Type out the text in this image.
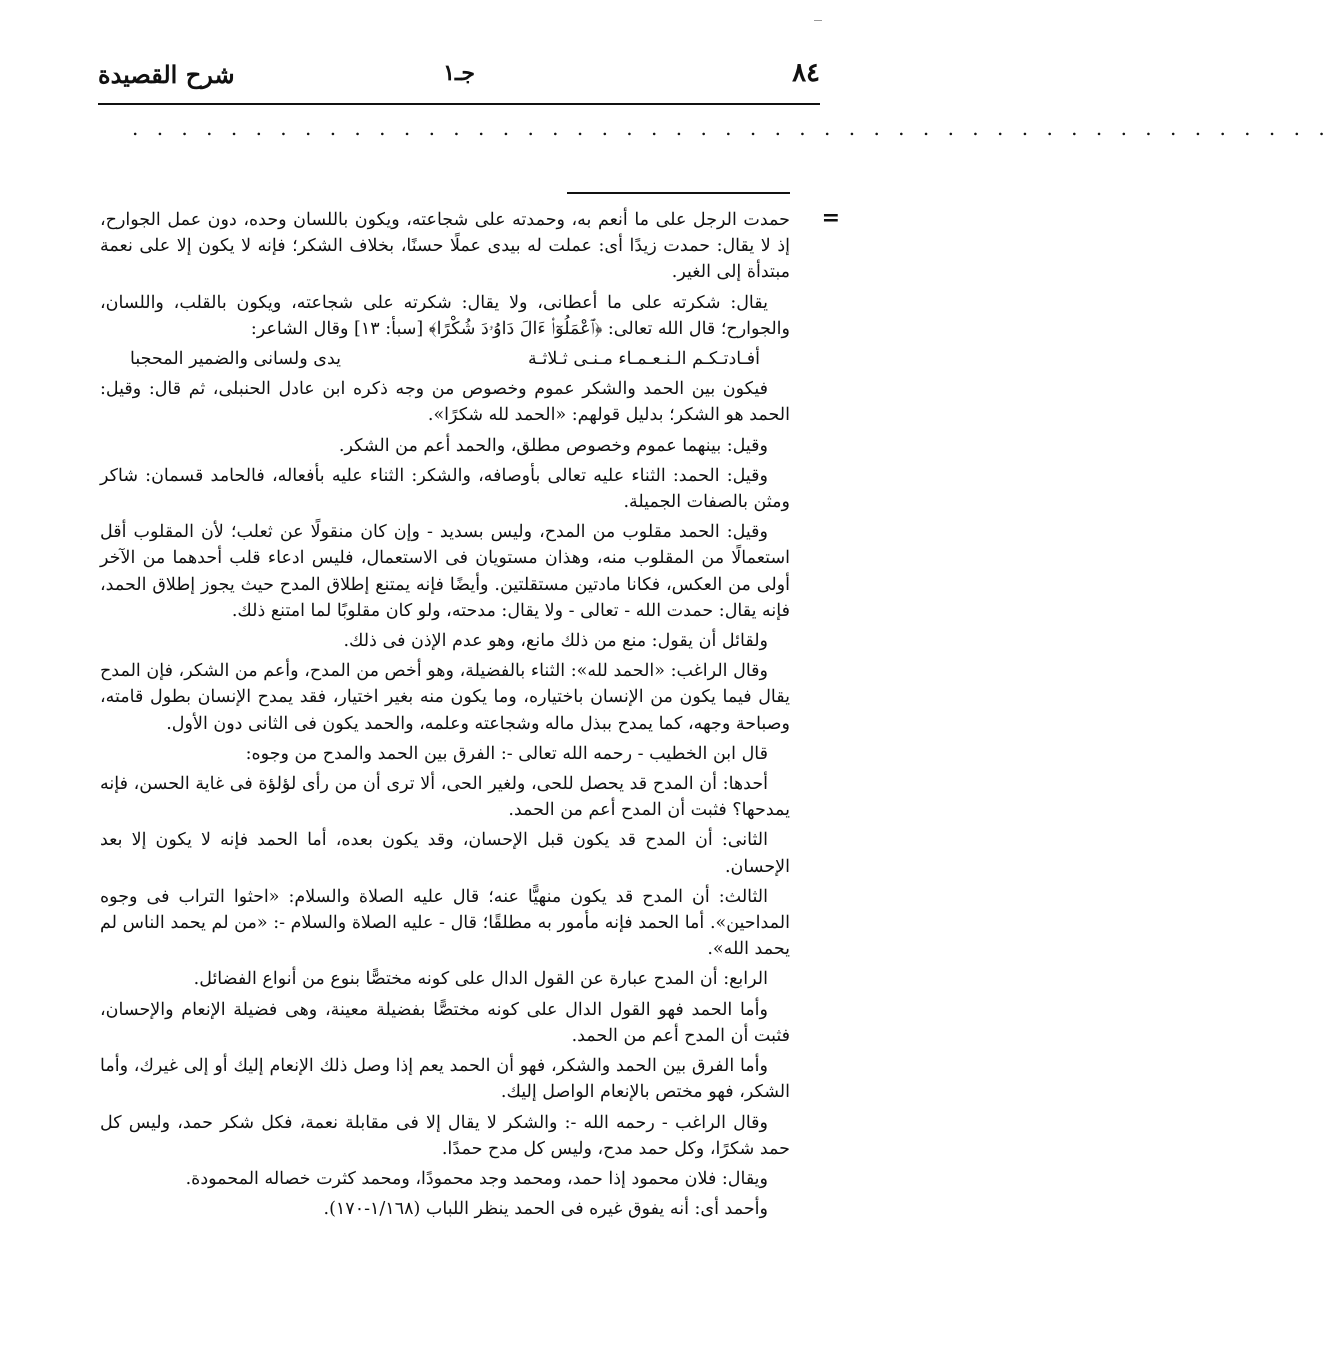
٨٤
جـ١
شرح القصيدة
. . . . . . . . . . . . . . . . . . . . . . . . . . . . . . . . . . . . . . . . . . . . . . . . .
=

حمدت الرجل على ما أنعم به، وحمدته على شجاعته، ويكون باللسان وحده، دون عمل الجوارح، إذ لا يقال: حمدت زيدًا أى: عملت له بيدى عملًا حسنًا، بخلاف الشكر؛ فإنه لا يكون إلا على نعمة مبتدأة إلى الغير.

يقال: شكرته على ما أعطانى، ولا يقال: شكرته على شجاعته، ويكون بالقلب، واللسان، والجوارح؛ قال الله تعالى: ﴿ٱعْمَلُوٓا۟ ءَالَ دَاوُۥدَ شُكْرًا﴾ [سبأ: ١٣] وقال الشاعر:

أفـادتـكـم الـنـعـمـاء مـنـى ثـلاثـة
يدى ولسانى والضمير المحجبا

فيكون بين الحمد والشكر عموم وخصوص من وجه ذكره ابن عادل الحنبلى، ثم قال: وقيل: الحمد هو الشكر؛ بدليل قولهم: «الحمد لله شكرًا».

وقيل: بينهما عموم وخصوص مطلق، والحمد أعم من الشكر.

وقيل: الحمد: الثناء عليه تعالى بأوصافه، والشكر: الثناء عليه بأفعاله، فالحامد قسمان: شاكر ومثن بالصفات الجميلة.

وقيل: الحمد مقلوب من المدح، وليس بسديد - وإن كان منقولًا عن ثعلب؛ لأن المقلوب أقل استعمالًا من المقلوب منه، وهذان مستويان فى الاستعمال، فليس ادعاء قلب أحدهما من الآخر أولى من العكس، فكانا مادتين مستقلتين. وأيضًا فإنه يمتنع إطلاق المدح حيث يجوز إطلاق الحمد، فإنه يقال: حمدت الله - تعالى - ولا يقال: مدحته، ولو كان مقلوبًا لما امتنع ذلك.

ولقائل أن يقول: منع من ذلك مانع، وهو عدم الإذن فى ذلك.

وقال الراغب: «الحمد لله»: الثناء بالفضيلة، وهو أخص من المدح، وأعم من الشكر، فإن المدح يقال فيما يكون من الإنسان باختياره، وما يكون منه بغير اختيار، فقد يمدح الإنسان بطول قامته، وصباحة وجهه، كما يمدح ببذل ماله وشجاعته وعلمه، والحمد يكون فى الثانى دون الأول.

قال ابن الخطيب - رحمه الله تعالى -: الفرق بين الحمد والمدح من وجوه:

أحدها: أن المدح قد يحصل للحى، ولغير الحى، ألا ترى أن من رأى لؤلؤة فى غاية الحسن، فإنه يمدحها؟ فثبت أن المدح أعم من الحمد.

الثانى: أن المدح قد يكون قبل الإحسان، وقد يكون بعده، أما الحمد فإنه لا يكون إلا بعد الإحسان.

الثالث: أن المدح قد يكون منهيًّا عنه؛ قال عليه الصلاة والسلام: «احثوا التراب فى وجوه المداحين». أما الحمد فإنه مأمور به مطلقًا؛ قال - عليه الصلاة والسلام -: «من لم يحمد الناس لم يحمد الله».

الرابع: أن المدح عبارة عن القول الدال على كونه مختصًّا بنوع من أنواع الفضائل.

وأما الحمد فهو القول الدال على كونه مختصًّا بفضيلة معينة، وهى فضيلة الإنعام والإحسان، فثبت أن المدح أعم من الحمد.

وأما الفرق بين الحمد والشكر، فهو أن الحمد يعم إذا وصل ذلك الإنعام إليك أو إلى غيرك، وأما الشكر، فهو مختص بالإنعام الواصل إليك.

وقال الراغب - رحمه الله -: والشكر لا يقال إلا فى مقابلة نعمة، فكل شكر حمد، وليس كل حمد شكرًا، وكل حمد مدح، وليس كل مدح حمدًا.

ويقال: فلان محمود إذا حمد، ومحمد وجد محمودًا، ومحمد كثرت خصاله المحمودة.

وأحمد أى: أنه يفوق غيره فى الحمد ينظر اللباب (١/١٦٨-١٧٠).
